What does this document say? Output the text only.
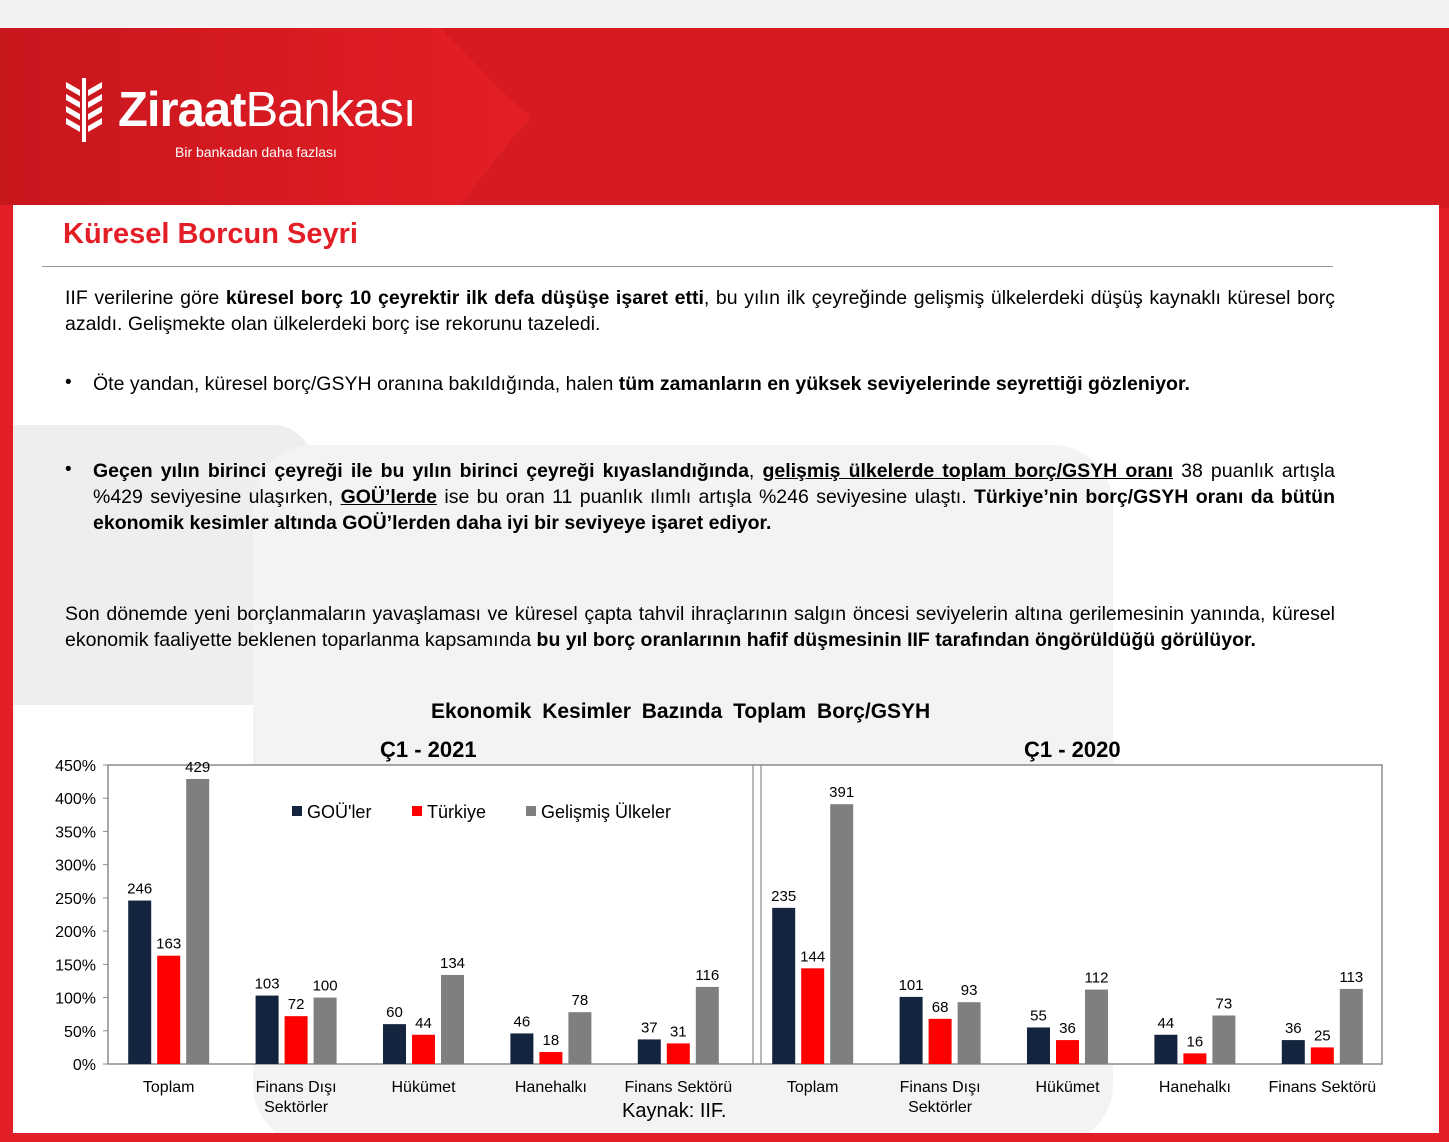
ZiraatBankası
Bir bankadan daha fazlası
Küresel Borcun Seyri
IIF verilerine göre küresel borç 10 çeyrektir ilk defa düşüşe işaret etti, bu yılın ilk çeyreğinde gelişmiş ülkelerdeki düşüş kaynaklı küresel borç azaldı. Gelişmekte olan ülkelerdeki borç ise rekorunu tazeledi.
• Öte yandan, küresel borç/GSYH oranına bakıldığında, halen tüm zamanların en yüksek seviyelerinde seyrettiği gözleniyor.
• Geçen yılın birinci çeyreği ile bu yılın birinci çeyreği kıyaslandığında, gelişmiş ülkelerde toplam borç/GSYH oranı 38 puanlık artışla %429 seviyesine ulaşırken, GOÜ’lerde ise bu oran 11 puanlık ılımlı artışla %246 seviyesine ulaştı. Türkiye’nin borç/GSYH oranı da bütün ekonomik kesimler altında GOÜ’lerden daha iyi bir seviyeye işaret ediyor.
Son dönemde yeni borçlanmaların yavaşlaması ve küresel çapta tahvil ihraçlarının salgın öncesi seviyelerin altına gerilemesinin yanında, küresel ekonomik faaliyette beklenen toparlanma kapsamında bu yıl borç oranlarının hafif düşmesinin IIF tarafından öngörüldüğü görülüyor.
Ekonomik Kesimler Bazında Toplam Borç/GSYH
Ç1 - 2021	Ç1 - 2020
0%
50%
100%
150%
200%
250%
300%
350%
400%
450%
246
163
429
Toplam
103
72
100
Finans Dışı
Sektörler
60
44
134
Hükümet
46
18
78
Hanehalkı
37 31
116
Finans Sektörü
235
144
391
Toplam
101
68
93
Finans Dışı
Sektörler
55
36
112
Hükümet
44
16
73
Hanehalkı
36 25
113
Finans Sektörü
GOÜ'ler	Türkiye	Gelişmiş Ülkeler
Kaynak: IIF.
